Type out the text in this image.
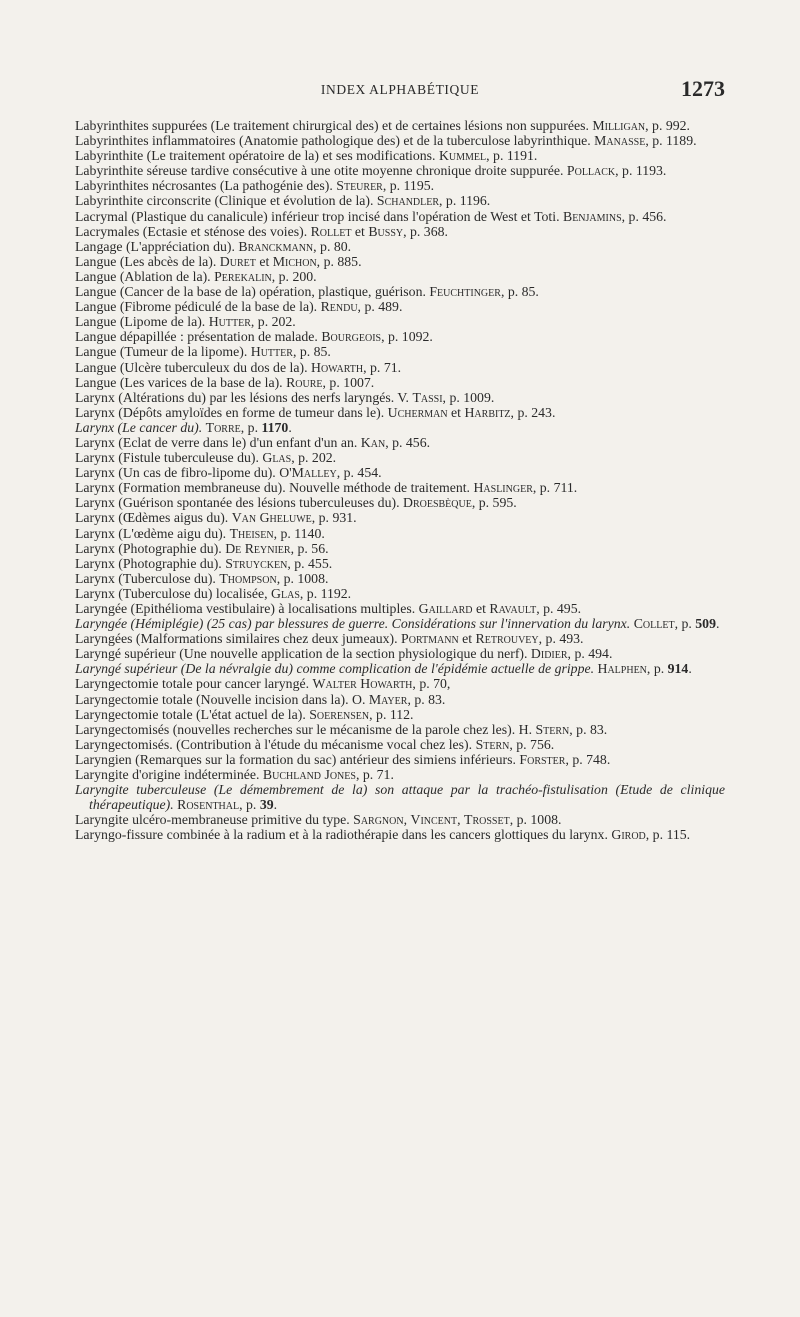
INDEX ALPHABÉTIQUE	1273
Labyrinthites suppurées (Le traitement chirurgical des) et de certaines lésions non suppurées. Milligan, p. 992.
Labyrinthites inflammatoires (Anatomie pathologique des) et de la tuberculose labyrinthique. Manasse, p. 1189.
Labyrinthite (Le traitement opératoire de la) et ses modifications. Kummel, p. 1191.
Labyrinthite séreuse tardive consécutive à une otite moyenne chronique droite suppurée. Pollack, p. 1193.
Labyrinthites nécrosantes (La pathogénie des). Steurer, p. 1195.
Labyrinthite circonscrite (Clinique et évolution de la). Schandler, p. 1196.
Lacrymal (Plastique du canalicule) inférieur trop incisé dans l'opération de West et Toti. Benjamins, p. 456.
Lacrymales (Ectasie et sténose des voies). Rollet et Bussy, p. 368.
Langage (L'appréciation du). Branckmann, p. 80.
Langue (Les abcès de la). Duret et Michon, p. 885.
Langue (Ablation de la). Perekalin, p. 200.
Langue (Cancer de la base de la) opération, plastique, guérison. Feuchtinger, p. 85.
Langue (Fibrome pédiculé de la base de la). Rendu, p. 489.
Langue (Lipome de la). Hutter, p. 202.
Langue dépapillée : présentation de malade. Bourgeois, p. 1092.
Langue (Tumeur de la lipome). Hutter, p. 85.
Langue (Ulcère tuberculeux du dos de la). Howarth, p. 71.
Langue (Les varices de la base de la). Roure, p. 1007.
Larynx (Altérations du) par les lésions des nerfs laryngés. V. Tassi, p. 1009.
Larynx (Dépôts amyloïdes en forme de tumeur dans le). Ucherman et Harbitz, p. 243.
Larynx (Le cancer du). Torre, p. 1170.
Larynx (Eclat de verre dans le) d'un enfant d'un an. Kan, p. 456.
Larynx (Fistule tuberculeuse du). Glas, p. 202.
Larynx (Un cas de fibro-lipome du). O'Malley, p. 454.
Larynx (Formation membraneuse du). Nouvelle méthode de traitement. Haslinger, p. 711.
Larynx (Guérison spontanée des lésions tuberculeuses du). Droesbèque, p. 595.
Larynx (Œdèmes aigus du). Van Gheluwe, p. 931.
Larynx (L'œdème aigu du). Theisen, p. 1140.
Larynx (Photographie du). De Reynier, p. 56.
Larynx (Photographie du). Struycken, p. 455.
Larynx (Tuberculose du). Thompson, p. 1008.
Larynx (Tuberculose du) localisée, Glas, p. 1192.
Laryngée (Epithélioma vestibulaire) à localisations multiples. Gaillard et Ravault, p. 495.
Laryngée (Hémiplégie) (25 cas) par blessures de guerre. Considérations sur l'innervation du larynx. Collet, p. 509.
Laryngées (Malformations similaires chez deux jumeaux). Portmann et Retrouvey, p. 493.
Laryngé supérieur (Une nouvelle application de la section physiologique du nerf). Didier, p. 494.
Laryngé supérieur (De la névralgie du) comme complication de l'épidémie actuelle de grippe. Halphen, p. 914.
Laryngectomie totale pour cancer laryngé. Walter Howarth, p. 70,
Laryngectomie totale (Nouvelle incision dans la). O. Mayer, p. 83.
Laryngectomie totale (L'état actuel de la). Soerensen, p. 112.
Laryngectomisés (nouvelles recherches sur le mécanisme de la parole chez les). H. Stern, p. 83.
Laryngectomisés. (Contribution à l'étude du mécanisme vocal chez les). Stern, p. 756.
Laryngien (Remarques sur la formation du sac) antérieur des simiens inférieurs. Forster, p. 748.
Laryngite d'origine indéterminée. Buchland Jones, p. 71.
Laryngite tuberculeuse (Le démembrement de la) son attaque par la trachéo-fistulisation (Etude de clinique thérapeutique). Rosenthal, p. 39.
Laryngite ulcéro-membraneuse primitive du type. Sargnon, Vincent, Trosset, p. 1008.
Laryngo-fissure combinée à la radium et à la radiothérapie dans les cancers glottiques du larynx. Girod, p. 115.
